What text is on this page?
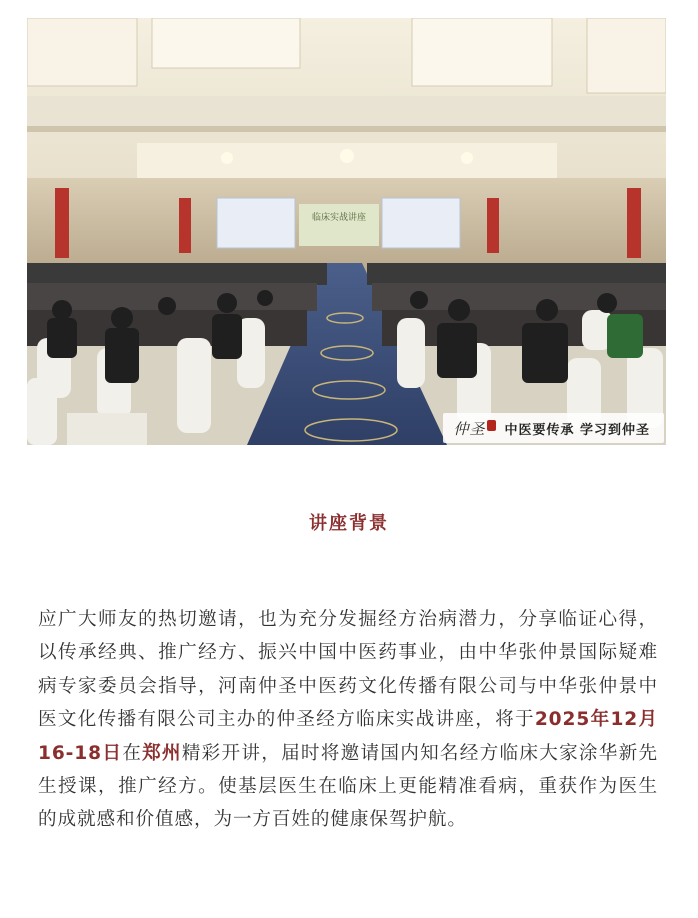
临床实战讲座
仲圣 中医要传承 学习到仲圣
讲座背景

应广大师友的热切邀请，也为充分发掘经方治病潜力，分享临证心得，以传承经典、推广经方、振兴中国中医药事业，由中华张仲景国际疑难病专家委员会指导，河南仲圣中医药文化传播有限公司与中华张仲景中医文化传播有限公司主办的仲圣经方临床实战讲座，将于2025年12月16-18日在郑州精彩开讲，届时将邀请国内知名经方临床大家涂华新先生授课，推广经方。使基层医生在临床上更能精准看病，重获作为医生的成就感和价值感，为一方百姓的健康保驾护航。
